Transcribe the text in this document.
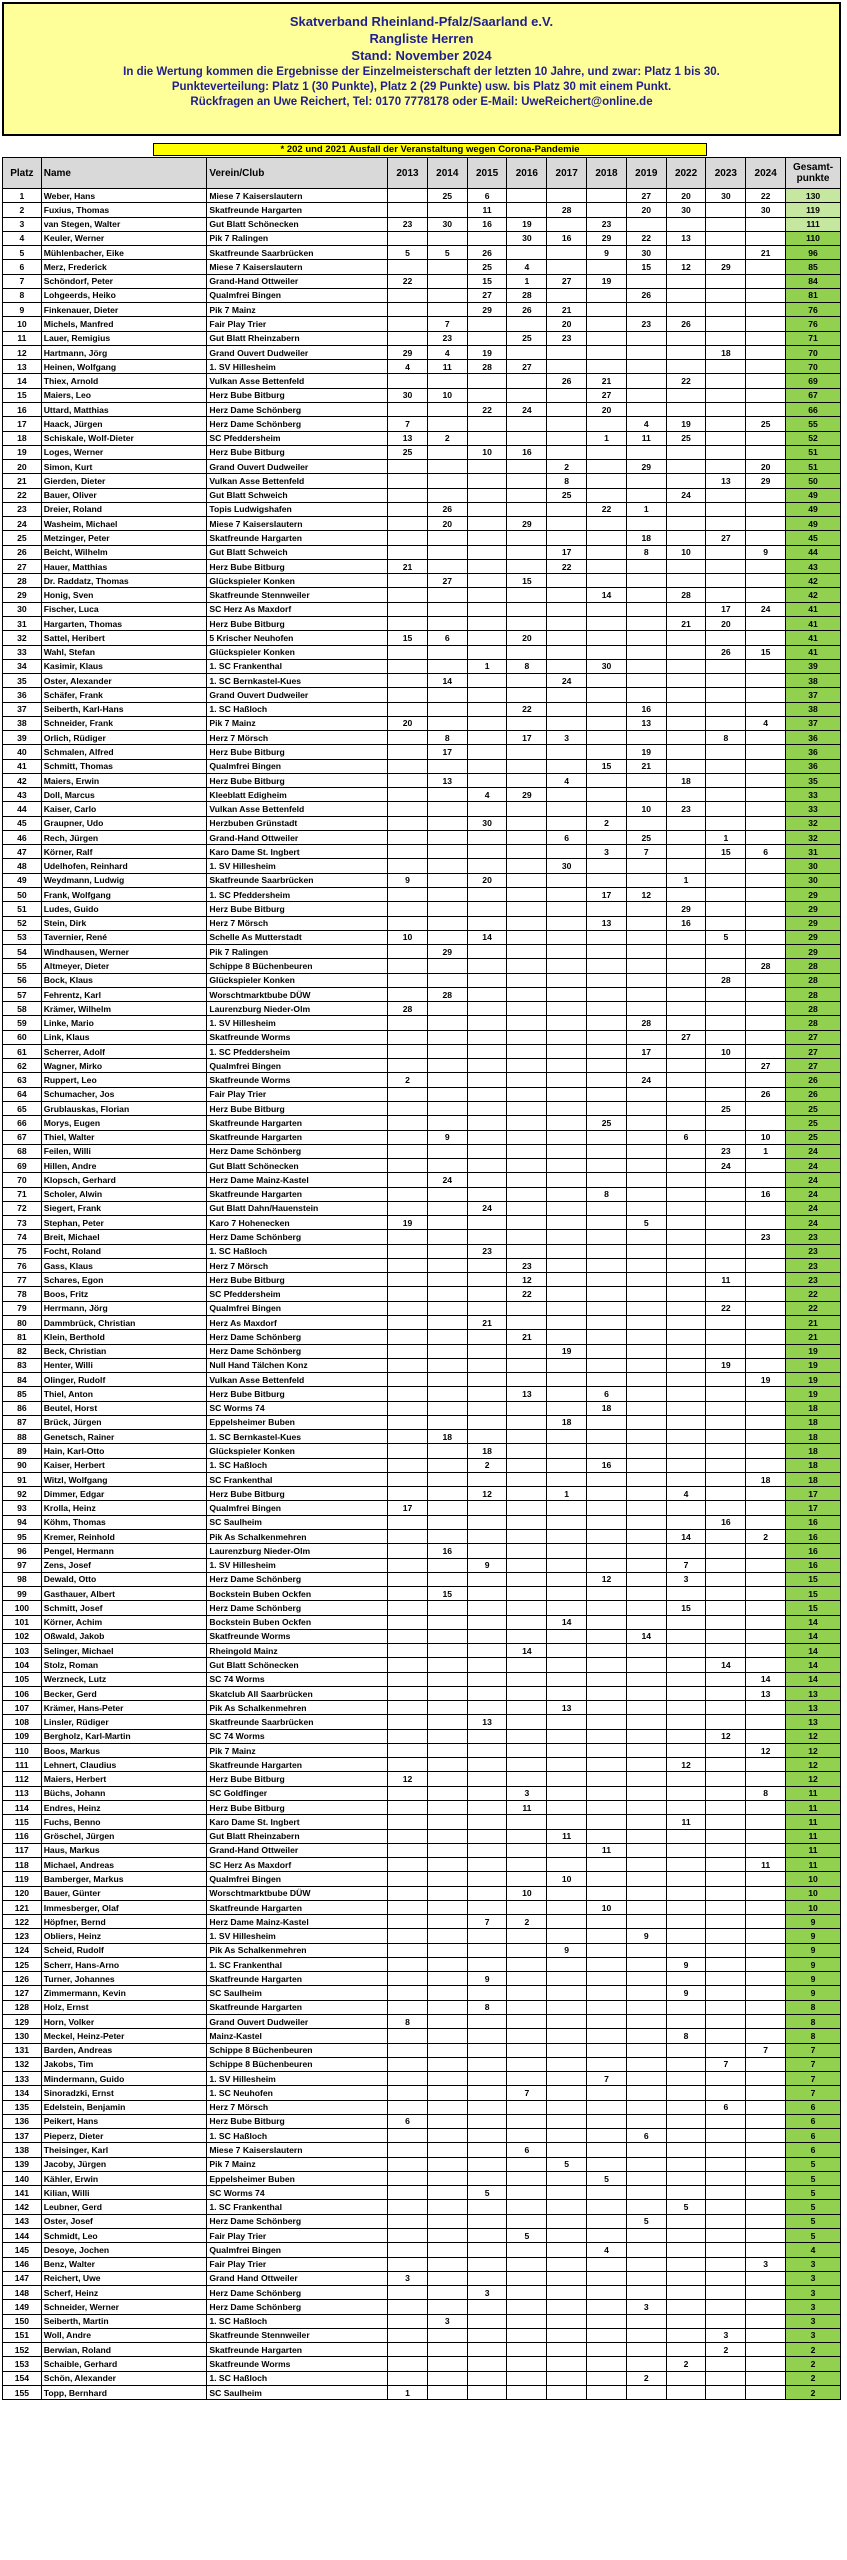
Skatverband Rheinland-Pfalz/Saarland e.V.
Rangliste Herren
Stand: November 2024
In die Wertung kommen die Ergebnisse der Einzelmeisterschaft der letzten 10 Jahre, und zwar: Platz 1 bis 30.
Punkteverteilung: Platz 1 (30 Punkte), Platz 2 (29 Punkte) usw. bis Platz 30 mit einem Punkt.
Rückfragen an Uwe Reichert, Tel: 0170 7778178 oder E-Mail: UweReichert@online.de
* 202 und 2021 Ausfall der Veranstaltung wegen Corona-Pandemie
Platz	Name	Verein/Club	2013	2014	2015	2016	2017	2018	2019	2022	2023	2024	Gesamt-punkte
1	Weber, Hans	Miese 7 Kaiserslautern		25	6				27	20	30	22	130
2	Fuxius, Thomas	Skatfreunde Hargarten			11		28		20	30		30	119
3	van Stegen, Walter	Gut Blatt Schönecken	23	30	16	19		23					111
4	Keuler, Werner	Pik 7 Ralingen				30	16	29	22	13			110
5	Mühlenbacher, Eike	Skatfreunde Saarbrücken	5	5	26			9	30			21	96
6	Merz, Frederick	Miese 7 Kaiserslautern			25	4			15	12	29		85
7	Schöndorf, Peter	Grand-Hand Ottweiler	22		15	1	27	19					84
8	Lohgeerds, Heiko	Qualmfrei Bingen			27	28			26				81
9	Finkenauer, Dieter	Pik 7 Mainz			29	26	21						76
10	Michels, Manfred	Fair Play Trier		7			20		23	26			76
11	Lauer, Remigius	Gut Blatt Rheinzabern		23		25	23						71
12	Hartmann, Jörg	Grand Ouvert Dudweiler	29	4	19						18		70
13	Heinen, Wolfgang	1. SV Hillesheim	4	11	28	27							70
14	Thiex, Arnold	Vulkan Asse Bettenfeld					26	21		22			69
15	Maiers, Leo	Herz Bube Bitburg	30	10				27					67
16	Uttard, Matthias	Herz Dame Schönberg			22	24		20					66
17	Haack, Jürgen	Herz Dame Schönberg	7						4	19		25	55
18	Schiskale, Wolf-Dieter	SC Pfeddersheim	13	2				1	11	25			52
19	Loges, Werner	Herz Bube Bitburg	25		10	16							51
20	Simon, Kurt	Grand Ouvert Dudweiler					2		29			20	51
21	Gierden, Dieter	Vulkan Asse Bettenfeld					8				13	29	50
22	Bauer, Oliver	Gut Blatt Schweich					25			24			49
23	Dreier, Roland	Topis Ludwigshafen		26				22	1				49
24	Washeim, Michael	Miese 7 Kaiserslautern		20		29							49
25	Metzinger, Peter	Skatfreunde Hargarten							18		27		45
26	Beicht, Wilhelm	Gut Blatt Schweich					17		8	10		9	44
27	Hauer, Matthias	Herz Bube Bitburg	21				22						43
28	Dr. Raddatz, Thomas	Glückspieler Konken		27		15							42
29	Honig, Sven	Skatfreunde Stennweiler						14		28			42
30	Fischer, Luca	SC Herz As Maxdorf									17	24	41
31	Hargarten, Thomas	Herz Bube Bitburg								21	20		41
32	Sattel, Heribert	5 Krischer Neuhofen	15	6		20							41
33	Wahl, Stefan	Glückspieler Konken									26	15	41
34	Kasimir, Klaus	1. SC Frankenthal			1	8		30					39
35	Oster, Alexander	1. SC Bernkastel-Kues		14			24						38
36	Schäfer, Frank	Grand Ouvert Dudweiler											37
37	Seiberth, Karl-Hans	1. SC Haßloch				22			16				38
38	Schneider, Frank	Pik 7 Mainz	20						13			4	37
39	Orlich, Rüdiger	Herz 7 Mörsch		8		17	3				8		36
40	Schmalen, Alfred	Herz Bube Bitburg		17					19				36
41	Schmitt, Thomas	Qualmfrei Bingen						15	21				36
42	Maiers, Erwin	Herz Bube Bitburg		13			4			18			35
43	Doll, Marcus	Kleeblatt Edigheim			4	29							33
44	Kaiser, Carlo	Vulkan Asse Bettenfeld							10	23			33
45	Graupner, Udo	Herzbuben Grünstadt			30			2					32
46	Rech, Jürgen	Grand-Hand Ottweiler					6		25		1		32
47	Körner, Ralf	Karo Dame St. Ingbert						3	7		15	6	31
48	Udelhofen, Reinhard	1. SV Hillesheim					30						30
49	Weydmann, Ludwig	Skatfreunde Saarbrücken	9		20					1			30
50	Frank, Wolfgang	1. SC Pfeddersheim						17	12				29
51	Ludes, Guido	Herz Bube Bitburg								29			29
52	Stein, Dirk	Herz 7 Mörsch						13		16			29
53	Tavernier, René	Schelle As Mutterstadt	10		14						5		29
54	Windhausen, Werner	Pik 7 Ralingen		29									29
55	Altmeyer, Dieter	Schippe 8 Büchenbeuren										28	28
56	Bock, Klaus	Glückspieler Konken									28		28
57	Fehrentz, Karl	Worschtmarktbube DÜW		28									28
58	Krämer, Wilhelm	Laurenzburg Nieder-Olm	28										28
59	Linke, Mario	1. SV Hillesheim							28				28
60	Link, Klaus	Skatfreunde Worms								27			27
61	Scherrer, Adolf	1. SC Pfeddersheim							17		10		27
62	Wagner, Mirko	Qualmfrei Bingen										27	27
63	Ruppert, Leo	Skatfreunde Worms	2						24				26
64	Schumacher, Jos	Fair Play Trier										26	26
65	Grublauskas, Florian	Herz Bube Bitburg									25		25
66	Morys, Eugen	Skatfreunde Hargarten						25					25
67	Thiel, Walter	Skatfreunde Hargarten		9						6		10	25
68	Feilen, Willi	Herz Dame Schönberg									23	1	24
69	Hillen, Andre	Gut Blatt Schönecken									24		24
70	Klopsch, Gerhard	Herz Dame Mainz-Kastel		24									24
71	Scholer, Alwin	Skatfreunde Hargarten						8				16	24
72	Siegert, Frank	Gut Blatt Dahn/Hauenstein			24								24
73	Stephan, Peter	Karo 7 Hohenecken	19						5				24
74	Breit, Michael	Herz Dame Schönberg										23	23
75	Focht, Roland	1. SC Haßloch			23								23
76	Gass, Klaus	Herz 7 Mörsch				23							23
77	Schares, Egon	Herz Bube Bitburg				12					11		23
78	Boos, Fritz	SC Pfeddersheim				22							22
79	Herrmann, Jörg	Qualmfrei Bingen									22		22
80	Dammbrück, Christian	Herz As Maxdorf			21								21
81	Klein, Berthold	Herz Dame Schönberg				21							21
82	Beck, Christian	Herz Dame Schönberg					19						19
83	Henter, Willi	Null Hand Tälchen Konz									19		19
84	Olinger, Rudolf	Vulkan Asse Bettenfeld										19	19
85	Thiel, Anton	Herz Bube Bitburg				13		6					19
86	Beutel, Horst	SC Worms 74						18					18
87	Brück, Jürgen	Eppelsheimer Buben					18						18
88	Genetsch, Rainer	1. SC Bernkastel-Kues		18									18
89	Hain, Karl-Otto	Glückspieler Konken			18								18
90	Kaiser, Herbert	1. SC Haßloch			2			16					18
91	Witzl, Wolfgang	SC Frankenthal										18	18
92	Dimmer, Edgar	Herz Bube Bitburg			12		1			4			17
93	Krolla, Heinz	Qualmfrei Bingen	17										17
94	Köhm, Thomas	SC Saulheim									16		16
95	Kremer, Reinhold	Pik As Schalkenmehren								14		2	16
96	Pengel, Hermann	Laurenzburg Nieder-Olm		16									16
97	Zens, Josef	1. SV Hillesheim			9					7			16
98	Dewald, Otto	Herz Dame Schönberg						12		3			15
99	Gasthauer, Albert	Bockstein Buben Ockfen		15									15
100	Schmitt, Josef	Herz Dame Schönberg								15			15
101	Körner, Achim	Bockstein Buben Ockfen					14						14
102	Oßwald, Jakob	Skatfreunde Worms							14				14
103	Selinger, Michael	Rheingold Mainz				14							14
104	Stolz, Roman	Gut Blatt Schönecken									14		14
105	Werzneck, Lutz	SC 74 Worms										14	14
106	Becker, Gerd	Skatclub All Saarbrücken										13	13
107	Krämer, Hans-Peter	Pik As Schalkenmehren					13						13
108	Linsler, Rüdiger	Skatfreunde Saarbrücken			13								13
109	Bergholz, Karl-Martin	SC 74 Worms									12		12
110	Boos, Markus	Pik 7 Mainz										12	12
111	Lehnert, Claudius	Skatfreunde Hargarten								12			12
112	Maiers, Herbert	Herz Bube Bitburg	12										12
113	Büchs, Johann	SC Goldfinger				3						8	11
114	Endres, Heinz	Herz Bube Bitburg				11							11
115	Fuchs, Benno	Karo Dame St. Ingbert								11			11
116	Gröschel, Jürgen	Gut Blatt Rheinzabern					11						11
117	Haus, Markus	Grand-Hand Ottweiler						11					11
118	Michael, Andreas	SC Herz As Maxdorf										11	11
119	Bamberger, Markus	Qualmfrei Bingen					10						10
120	Bauer, Günter	Worschtmarktbube DÜW				10							10
121	Immesberger, Olaf	Skatfreunde Hargarten						10					10
122	Höpfner, Bernd	Herz Dame Mainz-Kastel			7	2							9
123	Obliers, Heinz	1. SV Hillesheim							9				9
124	Scheid, Rudolf	Pik As Schalkenmehren					9						9
125	Scherr, Hans-Arno	1. SC Frankenthal								9			9
126	Turner, Johannes	Skatfreunde Hargarten			9								9
127	Zimmermann, Kevin	SC Saulheim								9			9
128	Holz, Ernst	Skatfreunde Hargarten			8								8
129	Horn, Volker	Grand Ouvert Dudweiler	8										8
130	Meckel, Heinz-Peter	Mainz-Kastel								8			8
131	Barden, Andreas	Schippe 8 Büchenbeuren										7	7
132	Jakobs, Tim	Schippe 8 Büchenbeuren									7		7
133	Mindermann, Guido	1. SV Hillesheim						7					7
134	Sinoradzki, Ernst	1. SC Neuhofen				7							7
135	Edelstein, Benjamin	Herz 7 Mörsch									6		6
136	Peikert, Hans	Herz Bube Bitburg	6										6
137	Pieperz, Dieter	1. SC Haßloch							6				6
138	Theisinger, Karl	Miese 7 Kaiserslautern				6							6
139	Jacoby, Jürgen	Pik 7 Mainz					5						5
140	Kähler, Erwin	Eppelsheimer Buben						5					5
141	Kilian, Willi	SC Worms 74			5								5
142	Leubner, Gerd	1. SC Frankenthal								5			5
143	Oster, Josef	Herz Dame Schönberg							5				5
144	Schmidt, Leo	Fair Play Trier				5							5
145	Desoye, Jochen	Qualmfrei Bingen						4					4
146	Benz, Walter	Fair Play Trier										3	3
147	Reichert, Uwe	Grand Hand Ottweiler	3										3
148	Scherf, Heinz	Herz Dame Schönberg			3								3
149	Schneider, Werner	Herz Dame Schönberg							3				3
150	Seiberth, Martin	1. SC Haßloch		3									3
151	Woll, Andre	Skatfreunde Stennweiler									3		3
152	Berwian, Roland	Skatfreunde Hargarten									2		2
153	Schaible, Gerhard	Skatfreunde Worms								2			2
154	Schön, Alexander	1. SC Haßloch							2				2
155	Topp, Bernhard	SC Saulheim	1										2
